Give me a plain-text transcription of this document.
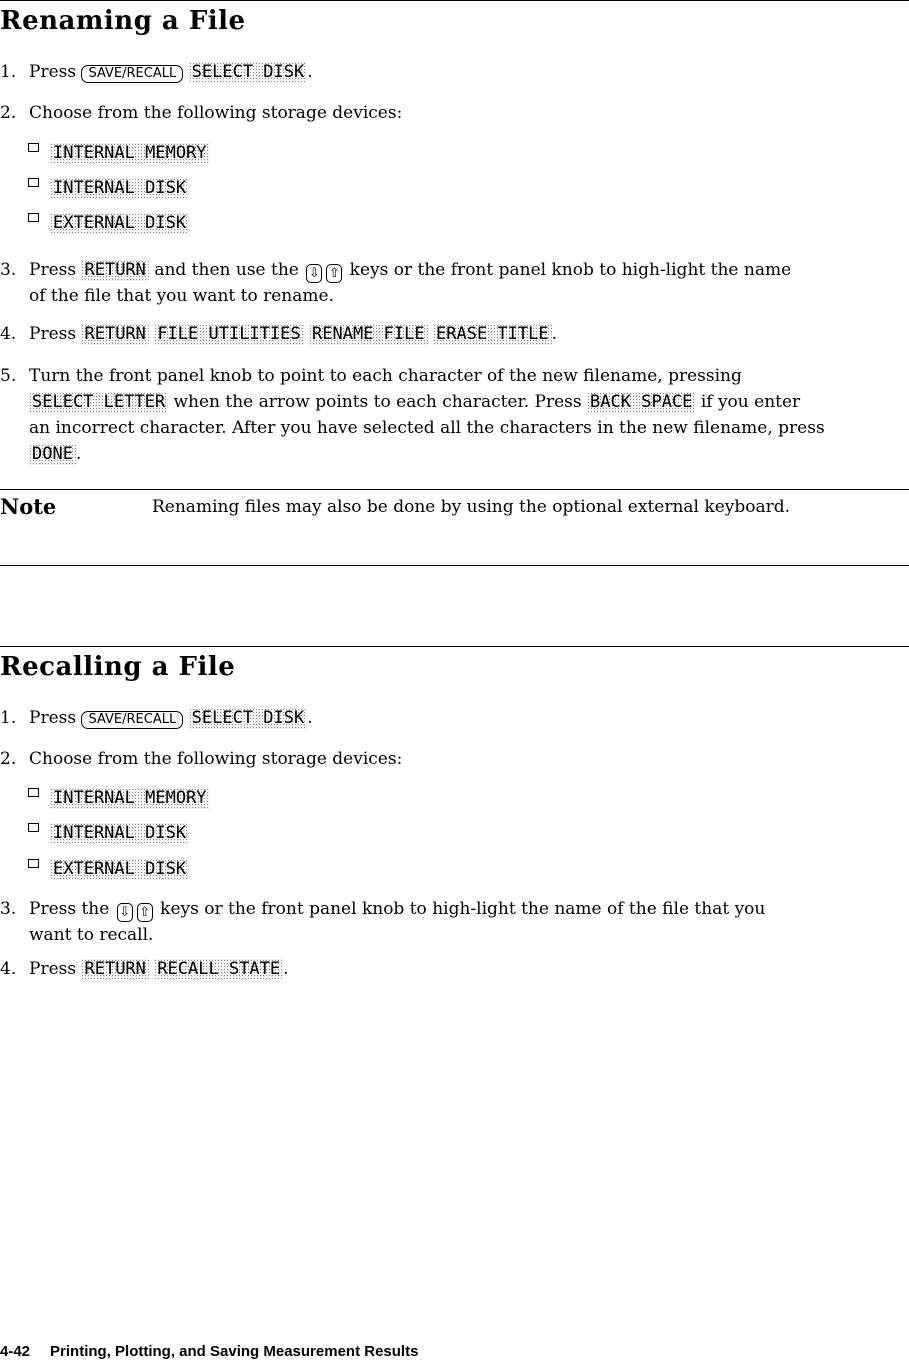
Renaming a File
1. Press SAVE/RECALL SELECT DISK .
2. Choose from the following storage devices:
INTERNAL MEMORY
INTERNAL DISK
EXTERNAL DISK
3. Press RETURN and then use the ⇩ ⇧ keys or the front panel knob to high-light the name
of the file that you want to rename.
4. Press RETURN FILE UTILITIES RENAME FILE ERASE TITLE .
5. Turn the front panel knob to point to each character of the new filename, pressing
SELECT LETTER when the arrow points to each character. Press BACK SPACE if you enter
an incorrect character. After you have selected all the characters in the new filename, press
DONE .
Note	Renaming files may also be done by using the optional external keyboard.
Recalling a File
1. Press SAVE/RECALL SELECT DISK .
2. Choose from the following storage devices:
INTERNAL MEMORY
INTERNAL DISK
EXTERNAL DISK
3. Press the ⇩ ⇧ keys or the front panel knob to high-light the name of the file that you
want to recall.
4. Press RETURN RECALL STATE .
4-42 Printing, Plotting, and Saving Measurement Results
